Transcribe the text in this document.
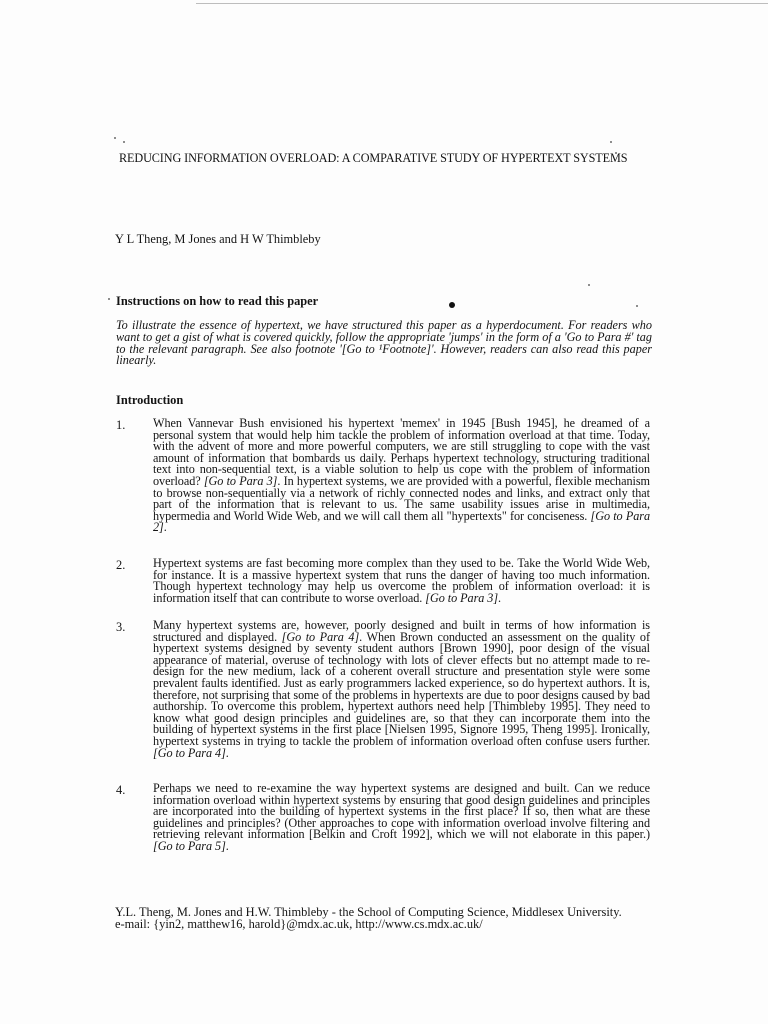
REDUCING INFORMATION OVERLOAD: A COMPARATIVE STUDY OF HYPERTEXT SYSTEMS
Y L Theng, M Jones and H W Thimbleby
Instructions on how to read this paper
To illustrate the essence of hypertext, we have structured this paper as a hyperdocument. For readers who want to get a gist of what is covered quickly, follow the appropriate 'jumps' in the form of a 'Go to Para #' tag to the relevant paragraph. See also footnote '[Go to ¹Footnote]'. However, readers can also read this paper linearly.
Introduction
1. When Vannevar Bush envisioned his hypertext 'memex' in 1945 [Bush 1945], he dreamed of a personal system that would help him tackle the problem of information overload at that time. Today, with the advent of more and more powerful computers, we are still struggling to cope with the vast amount of information that bombards us daily. Perhaps hypertext technology, structuring traditional text into non-sequential text, is a viable solution to help us cope with the problem of information overload? [Go to Para 3]. In hypertext systems, we are provided with a powerful, flexible mechanism to browse non-sequentially via a network of richly connected nodes and links, and extract only that part of the information that is relevant to us. The same usability issues arise in multimedia, hypermedia and World Wide Web, and we will call them all "hypertexts" for conciseness. [Go to Para 2].
2. Hypertext systems are fast becoming more complex than they used to be. Take the World Wide Web, for instance. It is a massive hypertext system that runs the danger of having too much information. Though hypertext technology may help us overcome the problem of information overload: it is information itself that can contribute to worse overload. [Go to Para 3].
3. Many hypertext systems are, however, poorly designed and built in terms of how information is structured and displayed. [Go to Para 4]. When Brown conducted an assessment on the quality of hypertext systems designed by seventy student authors [Brown 1990], poor design of the visual appearance of material, overuse of technology with lots of clever effects but no attempt made to re-design for the new medium, lack of a coherent overall structure and presentation style were some prevalent faults identified. Just as early programmers lacked experience, so do hypertext authors. It is, therefore, not surprising that some of the problems in hypertexts are due to poor designs caused by bad authorship. To overcome this problem, hypertext authors need help [Thimbleby 1995]. They need to know what good design principles and guidelines are, so that they can incorporate them into the building of hypertext systems in the first place [Nielsen 1995, Signore 1995, Theng 1995]. Ironically, hypertext systems in trying to tackle the problem of information overload often confuse users further. [Go to Para 4].
4. Perhaps we need to re-examine the way hypertext systems are designed and built. Can we reduce information overload within hypertext systems by ensuring that good design guidelines and principles are incorporated into the building of hypertext systems in the first place? If so, then what are these guidelines and principles? (Other approaches to cope with information overload involve filtering and retrieving relevant information [Belkin and Croft 1992], which we will not elaborate in this paper.) [Go to Para 5].
Y.L. Theng, M. Jones and H.W. Thimbleby - the School of Computing Science, Middlesex University.
e-mail: {yin2, matthew16, harold}@mdx.ac.uk, http://www.cs.mdx.ac.uk/
